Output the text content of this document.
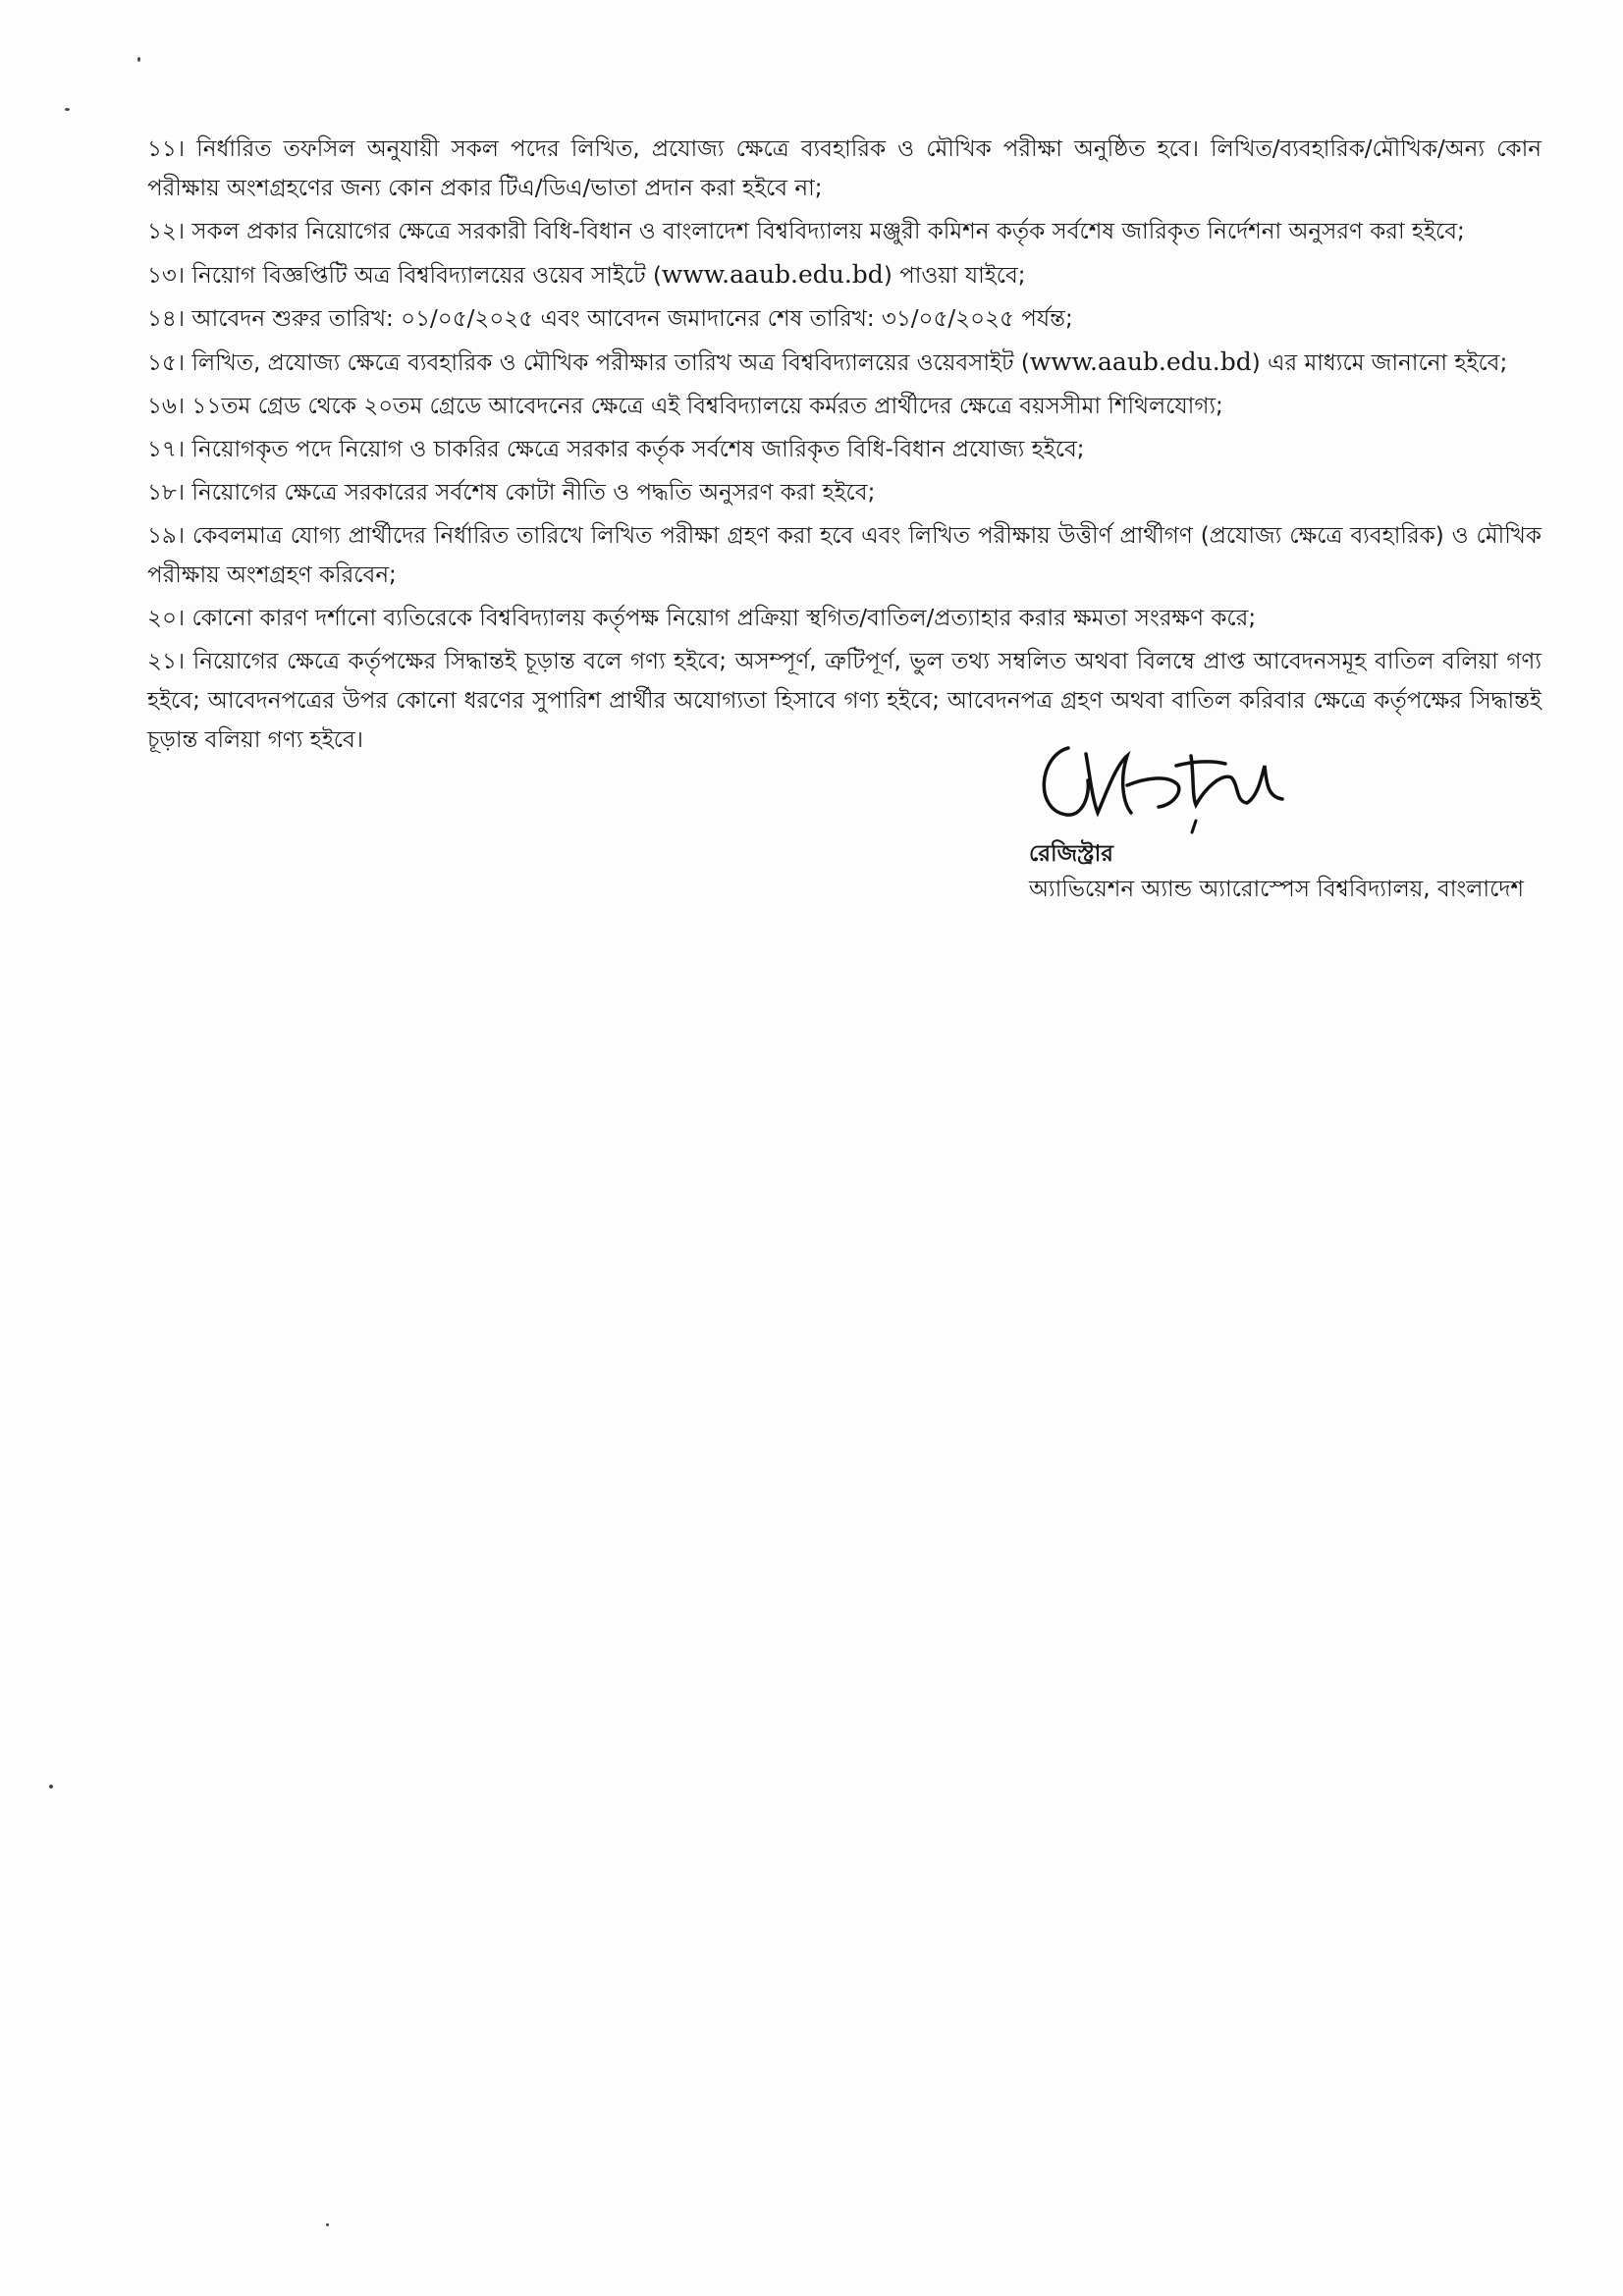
১১। নির্ধারিত তফসিল অনুযায়ী সকল পদের লিখিত, প্রযোজ্য ক্ষেত্রে ব্যবহারিক ও মৌখিক পরীক্ষা অনুষ্ঠিত হবে। লিখিত/ব্যবহারিক/মৌখিক/অন্য কোন পরীক্ষায় অংশগ্রহণের জন্য কোন প্রকার টিএ/ডিএ/ভাতা প্রদান করা হইবে না;

১২। সকল প্রকার নিয়োগের ক্ষেত্রে সরকারী বিধি-বিধান ও বাংলাদেশ বিশ্ববিদ্যালয় মঞ্জুরী কমিশন কর্তৃক সর্বশেষ জারিকৃত নির্দেশনা অনুসরণ করা হইবে;

১৩। নিয়োগ বিজ্ঞপ্তিটি অত্র বিশ্ববিদ্যালয়ের ওয়েব সাইটে (www.aaub.edu.bd) পাওয়া যাইবে;

১৪। আবেদন শুরুর তারিখ: ০১/০৫/২০২৫ এবং আবেদন জমাদানের শেষ তারিখ: ৩১/০৫/২০২৫ পর্যন্ত;

১৫। লিখিত, প্রযোজ্য ক্ষেত্রে ব্যবহারিক ও মৌখিক পরীক্ষার তারিখ অত্র বিশ্ববিদ্যালয়ের ওয়েবসাইট (www.aaub.edu.bd) এর মাধ্যমে জানানো হইবে;

১৬। ১১তম গ্রেড থেকে ২০তম গ্রেডে আবেদনের ক্ষেত্রে এই বিশ্ববিদ্যালয়ে কর্মরত প্রার্থীদের ক্ষেত্রে বয়সসীমা শিথিলযোগ্য;

১৭। নিয়োগকৃত পদে নিয়োগ ও চাকরির ক্ষেত্রে সরকার কর্তৃক সর্বশেষ জারিকৃত বিধি-বিধান প্রযোজ্য হইবে;

১৮। নিয়োগের ক্ষেত্রে সরকারের সর্বশেষ কোটা নীতি ও পদ্ধতি অনুসরণ করা হইবে;

১৯। কেবলমাত্র যোগ্য প্রার্থীদের নির্ধারিত তারিখে লিখিত পরীক্ষা গ্রহণ করা হবে এবং লিখিত পরীক্ষায় উত্তীর্ণ প্রার্থীগণ (প্রযোজ্য ক্ষেত্রে ব্যবহারিক) ও মৌখিক পরীক্ষায় অংশগ্রহণ করিবেন;

২০। কোনো কারণ দর্শানো ব্যতিরেকে বিশ্ববিদ্যালয় কর্তৃপক্ষ নিয়োগ প্রক্রিয়া স্থগিত/বাতিল/প্রত্যাহার করার ক্ষমতা সংরক্ষণ করে;

২১। নিয়োগের ক্ষেত্রে কর্তৃপক্ষের সিদ্ধান্তই চূড়ান্ত বলে গণ্য হইবে; অসম্পূর্ণ, ত্রুটিপূর্ণ, ভুল তথ্য সম্বলিত অথবা বিলম্বে প্রাপ্ত আবেদনসমূহ বাতিল বলিয়া গণ্য হইবে; আবেদনপত্রের উপর কোনো ধরণের সুপারিশ প্রার্থীর অযোগ্যতা হিসাবে গণ্য হইবে; আবেদনপত্র গ্রহণ অথবা বাতিল করিবার ক্ষেত্রে কর্তৃপক্ষের সিদ্ধান্তই চূড়ান্ত বলিয়া গণ্য হইবে।

রেজিস্ট্রার
অ্যাভিয়েশন অ্যান্ড অ্যারোস্পেস বিশ্ববিদ্যালয়, বাংলাদেশ
